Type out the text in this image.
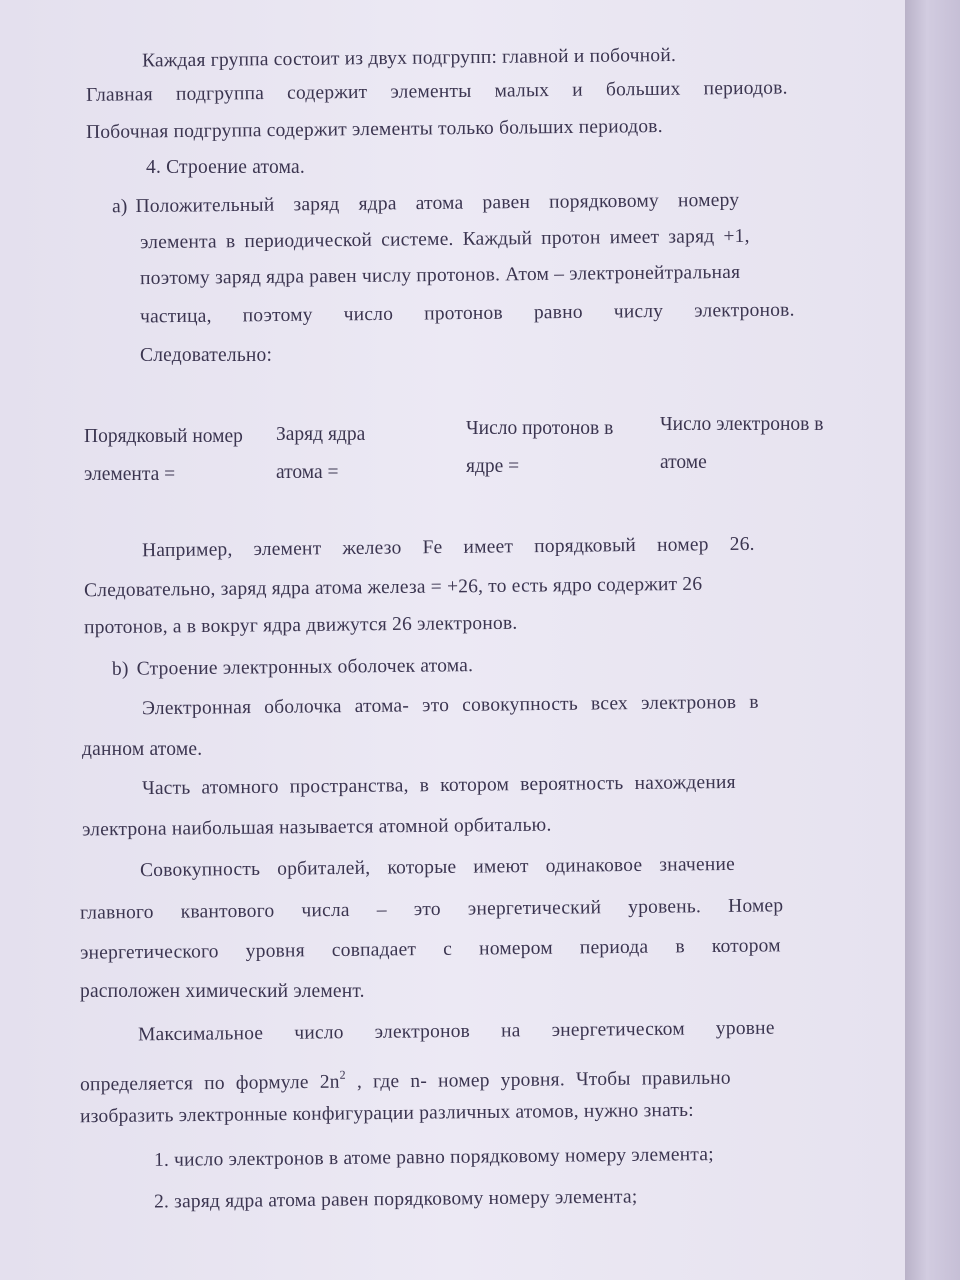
Каждая группа состоит из двух подгрупп: главной и побочной.
Главная подгруппа содержит элементы малых и больших периодов.
Побочная подгруппа содержит элементы только больших периодов.
4. Строение атома.
a) Положительный заряд ядра атома равен порядковому номеру
элемента в периодической системе. Каждый протон имеет заряд +1,
поэтому заряд ядра равен числу протонов. Атом – электронейтральная
частица, поэтому число протонов равно числу электронов.
Следовательно:
Порядковый номер элемента =
Заряд ядра атома =
Число протонов в ядре =
Число электронов в атоме
Например, элемент железо Fe имеет порядковый номер 26.
Следовательно, заряд ядра атома железа = +26, то есть ядро содержит 26
протонов, а в вокруг ядра движутся 26 электронов.
b) Строение электронных оболочек атома.
Электронная оболочка атома- это совокупность всех электронов в
данном атоме.
Часть атомного пространства, в котором вероятность нахождения
электрона наибольшая называется атомной орбиталью.
Совокупность орбиталей, которые имеют одинаковое значение
главного квантового числа – это энергетический уровень. Номер
энергетического уровня совпадает с номером периода в котором
расположен химический элемент.
Максимальное число электронов на энергетическом уровне
определяется по формуле $2n^2$ , где n- номер уровня. Чтобы правильно
изобразить электронные конфигурации различных атомов, нужно знать:
1. число электронов в атоме равно порядковому номеру элемента;
2. заряд ядра атома равен порядковому номеру элемента;
